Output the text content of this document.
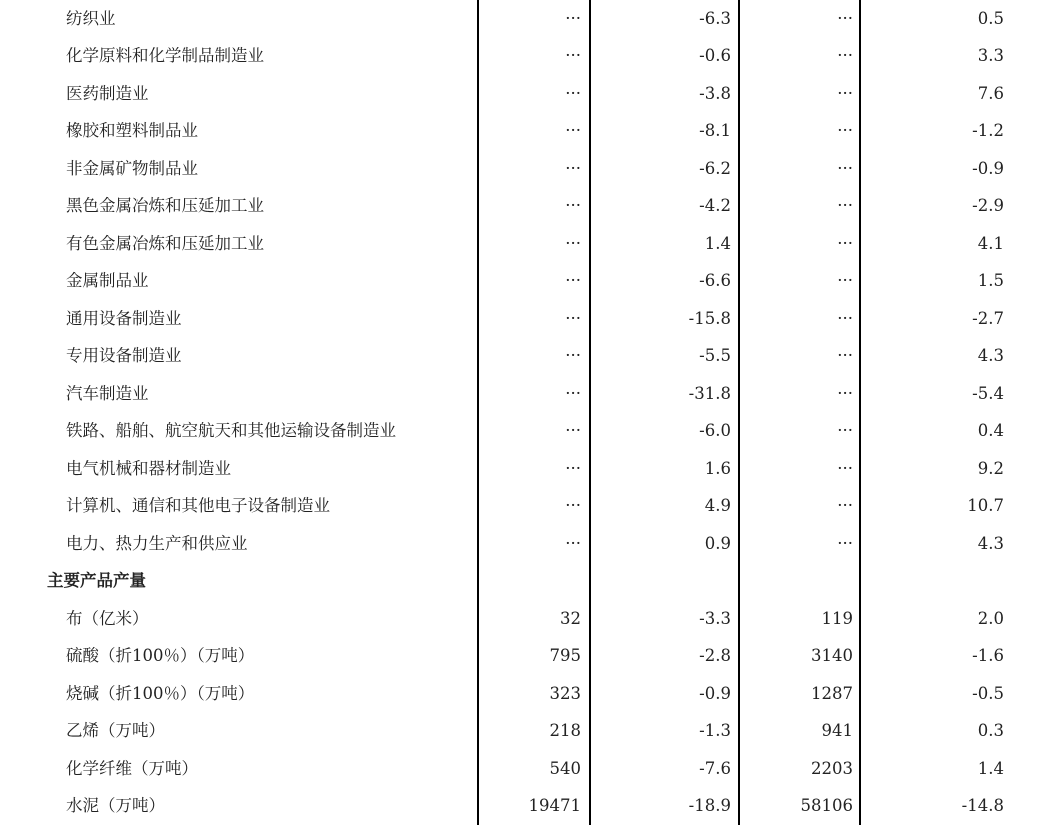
纺织业	···	-6.3	···	0.5
化学原料和化学制品制造业	···	-0.6	···	3.3
医药制造业	···	-3.8	···	7.6
橡胶和塑料制品业	···	-8.1	···	-1.2
非金属矿物制品业	···	-6.2	···	-0.9
黑色金属冶炼和压延加工业	···	-4.2	···	-2.9
有色金属冶炼和压延加工业	···	1.4	···	4.1
金属制品业	···	-6.6	···	1.5
通用设备制造业	···	-15.8	···	-2.7
专用设备制造业	···	-5.5	···	4.3
汽车制造业	···	-31.8	···	-5.4
铁路、船舶、航空航天和其他运输设备制造业	···	-6.0	···	0.4
电气机械和器材制造业	···	1.6	···	9.2
计算机、通信和其他电子设备制造业	···	4.9	···	10.7
电力、热力生产和供应业	···	0.9	···	4.3
主要产品产量				
布（亿米）	32	-3.3	119	2.0
硫酸（折100％）（万吨）	795	-2.8	3140	-1.6
烧碱（折100％）（万吨）	323	-0.9	1287	-0.5
乙烯（万吨）	218	-1.3	941	0.3
化学纤维（万吨）	540	-7.6	2203	1.4
水泥（万吨）	19471	-18.9	58106	-14.8
